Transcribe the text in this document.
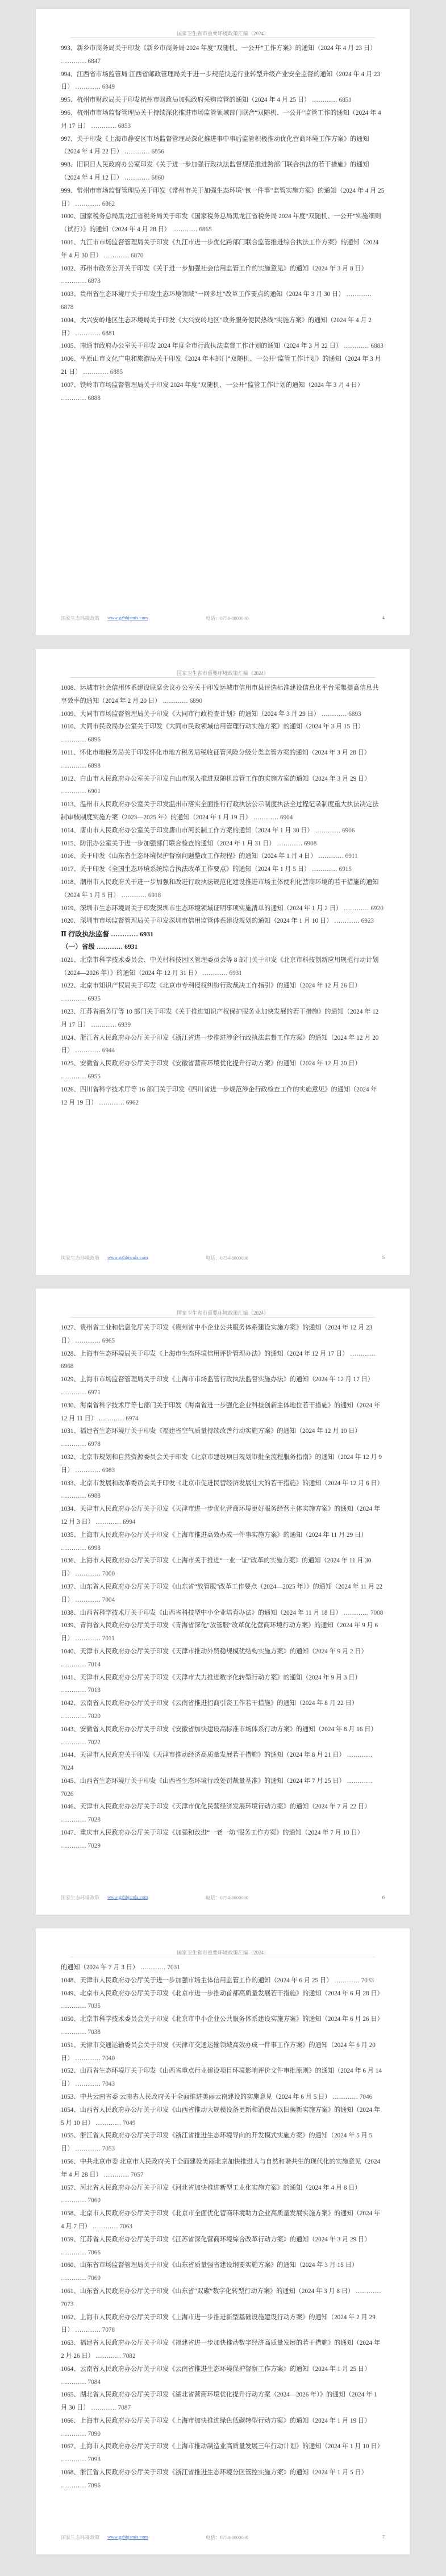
国家卫生省市重要环境政策汇编（2024）
993、新乡市商务局关于印发《新乡市商务局 2024 年度“双随机、一公开”工作方案》的通知（2024 年 4 月 23 日） ………… 6847
994、江西省市场监管局 江西省邮政管理局关于进一步规范快递行业转型升级产业安全监督的通知（2024 年 4 月 23 日） ………… 6849
995、杭州市财政局关于印发杭州市财政局加强政府采购监管的通知（2024 年 4 月 25 日） ………… 6851
996、杭州市市场监督管理局关于持续深化推进市场监管领域部门联合“双随机、一公开”监管工作的通知（2024 年 4 月 17 日） ………… 6853
997、关于印发《上海市静安区市场监督管理局深化推进事中事后监管积极推动优化营商环境工作方案》的通知（2024 年 4 月 22 日） ………… 6856
998、旧识日人民政府办公室印发《关于进一步加强行政执法监督规范推进跨部门联合执法的若干措施》的通知（2024 年 4 月 12 日） ………… 6860
999、常州市市场监督管理局关于印发《常州市关于加强生态环境“包一件事”监管实施方案》的通知（2024 年 4 月 25 日） ………… 6862
1000、国家税务总局黑龙江省税务局关于印发《国家税务总局黑龙江省税务局 2024 年度“双随机、一公开”实施细则（试行）》的通知（2024 年 4 月 28 日） ………… 6865
1001、九江市市场监督管理局关于印发《九江市进一步优化跨部门联合监管推进综合执法工作方案》的通知（2024 年 4 月 30 日） ………… 6870
1002、苏州市政务公开关于印发《关于进一步加强社会信用监管工作的实施意见》的通知（2024 年 3 月 8 日） ………… 6873
1003、贵州省生态环境厅关于印发生态环境领域“一网多址”改革工作要点的通知（2024 年 3 月 30 日） ………… 6878
1004、大兴安岭地区生态环境局关于印发《大兴安岭地区“政务服务便民热线”实施方案》的通知（2024 年 4 月 2 日） ………… 6881
1005、南通市政府办公室关于印发 2024 年度全市行政执法监督工作计划的通知（2024 年 3 月 22 日） ………… 6883
1006、平原山市文化广电和旅游局关于印发《2024 年本部门“双随机、一公开”监管工作计划》的通知（2024 年 3 月 21 日） ………… 6885
1007、铁岭市市场监督管理局关于印发 2024 年度“双随机、一公开”监管工作计划的通知（2024 年 3 月 4 日） ………… 6888
国家生态环境政策 www.gzhbjsmls.com	电话：0754-8000000	4
国家卫生省市重要环境政策汇编（2024）
1008、运城市社会信用体系建设联席会议办公室关于印发运城市信用市县评选标准建设信息化平台采集提高信息共享效率的通知（2024 年 2 月 20 日） ………… 6890
1009、大同市市场监督管理局关于印发《大同市行政检查计划》的通知（2024 年 3 月 29 日） ………… 6893
1010、大同市民政局办公室关于印发《大同市民政领域信用管理行动实施方案》的通知（2024 年 3 月 15 日） ………… 6896
1011、怀化市地税务局关于印发怀化市地方税务局税收征管风险分级分类监管方案的通知（2024 年 3 月 28 日） ………… 6898
1012、白山市人民政府办公室关于印发白山市深入推进双随机监管工作的实施方案的通知（2024 年 3 月 29 日） ………… 6901
1013、温州市人民政府办公室关于印发温州市落实全面推行行政执法公示制度执法全过程记录制度重大执法决定法制审核制度实施方案（2023—2025 年）的通知（2024 年 1 月 19 日） ………… 6904
1014、唐山市人民政府办公室关于印发唐山市河长制工作方案的通知（2024 年 1 月 30 日） ………… 6906
1015、防汛办公室关于进一步加强部门联合检查的通知（2024 年 1 月 31 日） ………… 6908
1016、关于印发《山东省生态环境保护督察问题整改工作规程》的通知（2024 年 1 月 4 日） ………… 6911
1017、关于印发《全国生态环境系统综合执法改革工作要点》的通知（2024 年 1 月 5 日） ………… 6915
1018、潮州市人民政府关于进一步加强和改进行政执法规范化建设推进市场主体便利化营商环境的若干措施的通知（2024 年 1 月 5 日） ………… 6918
1019、深圳市生态环境局关于印发深圳市生态环境领域证明事项实施清单的通知（2024 年 1 月 2 日） ………… 6920
1020、深圳市市场监督管理局关于印发深圳市信用监管体系建设规划的通知（2024 年 1 月 10 日） ………… 6923
Ⅱ 行政执法监督 ………… 6931
（一）省级 ………… 6931
1021、北京市科学技术委员会、中关村科技园区管理委员会等 8 部门关于印发《北京市科技创新应用规范行动计划（2024—2026 年）》的通知（2024 年 12 月 31 日） ………… 6931
1022、北京市知识产权局关于印发《北京市专利侵权纠纷行政裁决工作指引》的通知（2024 年 12 月 26 日） ………… 6935
1023、江苏省商务厅等 10 部门关于印发《关于推进知识产权保护服务业加快发展的若干措施》的通知（2024 年 12 月 17 日） ………… 6939
1024、浙江省人民政府办公厅关于印发《浙江省进一步推进涉企行政执法监督工作方案》的通知（2024 年 12 月 20 日） ………… 6944
1025、安徽省人民政府办公厅关于印发《安徽省营商环境优化提升行动方案》的通知（2024 年 12 月 20 日） ………… 6955
1026、四川省科学技术厅等 16 部门关于印发《四川省进一步规范涉企行政检查工作的实施意见》的通知（2024 年 12 月 19 日） ………… 6962
国家生态环境政策 www.gzhbjsmls.com	电话：0754-8000000	5
国家卫生省市重要环境政策汇编（2024）
1027、贵州省工业和信息化厅关于印发《贵州省中小企业公共服务体系建设实施方案》的通知（2024 年 12 月 23 日） ………… 6965
1028、上海市生态环境局关于印发《上海市生态环境信用评价管理办法》的通知（2024 年 12 月 17 日） ………… 6968
1029、上海市市场监督管理局关于印发《上海市市场监管行政执法监督实施办法》的通知（2024 年 12 月 17 日） ………… 6971
1030、海南省科学技术厅等七部门关于印发《海南省进一步强化企业科技创新主体地位若干措施》的通知（2024 年 12 月 11 日） ………… 6974
1031、福建省生态环境厅关于印发《福建省空气质量持续改善行动实施方案》的通知（2024 年 12 月 10 日） ………… 6978
1032、北京市规划和自然资源委员会关于印发《北京市建设项目规划审批全流程服务指南》的通知（2024 年 12 月 9 日） ………… 6983
1033、北京市发展和改革委员会关于印发《北京市促进民营经济发展壮大的若干措施》的通知（2024 年 12 月 6 日） ………… 6988
1034、天津市人民政府办公厅关于印发《天津市进一步优化营商环境更好服务经营主体实施方案》的通知（2024 年 12 月 3 日） ………… 6994
1035、上海市人民政府办公厅关于印发《上海市推进高效办成一件事实施方案》的通知（2024 年 11 月 29 日） ………… 6998
1036、上海市人民政府办公厅关于印发《上海市关于推进“一业一证”改革的实施方案》的通知（2024 年 11 月 30 日） ………… 7000
1037、山东省人民政府办公厅关于印发《山东省“放管服”改革工作要点（2024—2025 年）》的通知（2024 年 11 月 22 日） ………… 7004
1038、山西省科学技术厅关于印发《山西省科技型中小企业培育办法》的通知（2024 年 11 月 18 日） ………… 7008
1039、青海省人民政府办公厅关于印发《青海省深化“放管服”改革优化营商环境行动方案》的通知（2024 年 9 月 6 日） ………… 7011
1040、天津市人民政府办公厅关于印发《天津市推动外贸稳规模优结构实施方案》的通知（2024 年 9 月 2 日） ………… 7014
1041、天津市人民政府办公厅关于印发《天津市大力推进数字化转型行动方案》的通知（2024 年 9 月 3 日） ………… 7018
1042、云南省人民政府办公厅关于印发《云南省推进招商引资工作若干措施》的通知（2024 年 8 月 22 日） ………… 7020
1043、安徽省人民政府办公厅关于印发《安徽省加快建设高标准市场体系行动方案》的通知（2024 年 8 月 16 日） ………… 7022
1044、天津市人民政府关于印发《天津市推动经济高质量发展若干措施》的通知（2024 年 8 月 21 日） ………… 7024
1045、山西省生态环境厅关于印发《山西省生态环境行政处罚裁量基准》的通知（2024 年 7 月 25 日） ………… 7026
1046、天津市人民政府办公厅关于印发《天津市优化民营经济发展环境行动方案》的通知（2024 年 7 月 22 日） ………… 7028
1047、重庆市人民政府办公厅关于印发《加强和改进“一老一幼”服务工作方案》的通知（2024 年 7 月 10 日） ………… 7029
国家生态环境政策 www.gzhbjsmls.com	电话：0754-8000000	6
国家卫生省市重要环境政策汇编（2024）
的通知（2024 年 7 月 3 日） ………… 7031
1048、天津市人民政府办公厅关于进一步加强市场主体信用监管工作的通知（2024 年 6 月 25 日） ………… 7033
1049、北京市人民政府办公厅关于印发《北京市进一步推动首都高质量发展若干措施》的通知（2024 年 6 月 28 日） ………… 7035
1050、北京市科学技术委员会关于印发《北京市中小企业公共服务体系建设实施方案》的通知（2024 年 6 月 26 日） ………… 7038
1051、天津市交通运输委员会关于印发《天津市交通运输领域高效办成一件事工作方案》的通知（2024 年 6 月 20 日） ………… 7040
1052、山西省生态环境厅关于印发《山西省重点行业建设项目环境影响评价文件审批原则》的通知（2024 年 6 月 14 日） ………… 7043
1053、中共云南省委 云南省人民政府关于全面推进美丽云南建设的实施意见（2024 年 6 月 5 日） ………… 7046
1054、山西省人民政府办公厅关于印发《山西省推动大规模设备更新和消费品以旧换新实施方案》的通知（2024 年 5 月 10 日） ………… 7049
1055、浙江省人民政府办公厅关于印发《浙江省推进生态环境导向的开发模式实施方案》的通知（2024 年 5 月 5 日） ………… 7053
1056、中共北京市委 北京市人民政府关于全面建设美丽北京加快推进人与自然和谐共生的现代化的实施意见（2024 年 4 月 28 日） ………… 7057
1057、河北省人民政府办公厅关于印发《河北省加快推进新型工业化实施方案》的通知（2024 年 4 月 8 日） ………… 7060
1058、北京市人民政府办公厅关于印发《北京市全面优化营商环境助力企业高质量发展实施方案》的通知（2024 年 4 月 7 日） ………… 7063
1059、江苏省人民政府办公厅关于印发《江苏省深化营商环境综合改革行动方案》的通知（2024 年 3 月 29 日） ………… 7066
1060、山东省市场监督管理局关于印发《山东省质量强省建设纲要实施方案》的通知（2024 年 3 月 15 日） ………… 7069
1061、山东省人民政府办公厅关于印发《山东省“双碳”数字化转型行动方案》的通知（2024 年 3 月 8 日） ………… 7073
1062、上海市人民政府办公厅关于印发《上海市进一步推进新型基础设施建设行动方案》的通知（2024 年 2 月 29 日） ………… 7078
1063、福建省人民政府办公厅关于印发《福建省进一步加快推动数字经济高质量发展的若干措施》的通知（2024 年 2 月 26 日） ………… 7082
1064、云南省人民政府办公厅关于印发《云南省推进生态环境保护督察工作方案》的通知（2024 年 1 月 25 日） ………… 7084
1065、湖北省人民政府办公厅关于印发《湖北省营商环境优化提升行动方案（2024—2026 年）》的通知（2024 年 1 月 30 日） ………… 7087
1066、上海市人民政府办公厅关于印发《上海市加快推进绿色低碳转型行动方案》的通知（2024 年 1 月 19 日） ………… 7090
1067、上海市人民政府办公厅关于印发《上海市推动制造业高质量发展三年行动计划》的通知（2024 年 1 月 10 日） ………… 7093
1068、浙江省人民政府办公厅关于印发《浙江省推进生态环境分区管控实施方案》的通知（2024 年 1 月 5 日） ………… 7096
国家生态环境政策 www.gzhbjsmls.com	电话：0754-8000000	7
